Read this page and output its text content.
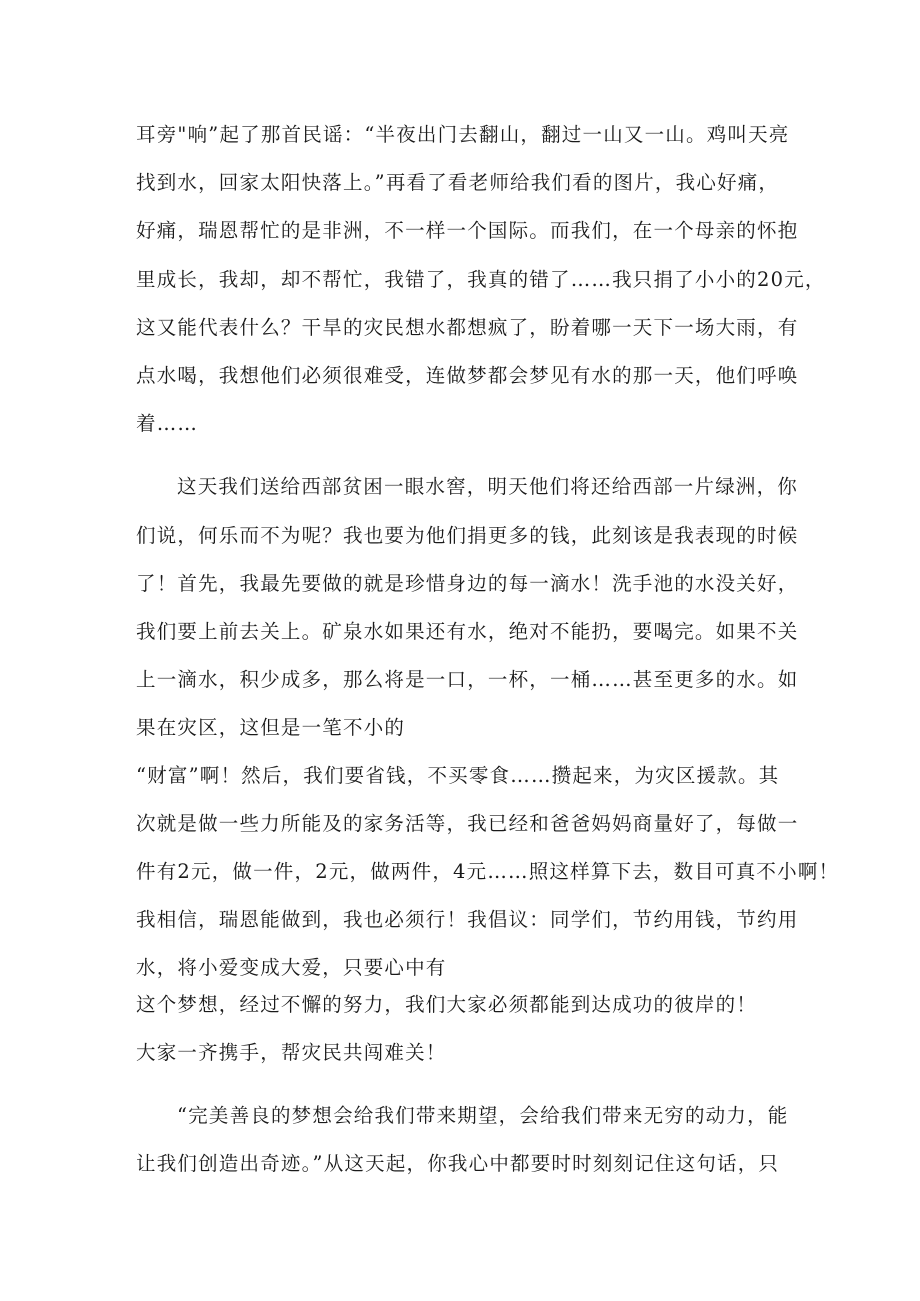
耳旁"响”起了那首民谣：“半夜出门去翻山，翻过一山又一山。鸡叫天亮
找到水，回家太阳快落上。”再看了看老师给我们看的图片，我心好痛，
好痛，瑞恩帮忙的是非洲，不一样一个国际。而我们，在一个母亲的怀抱
里成长，我却，却不帮忙，我错了，我真的错了……我只捐了小小的20元，
这又能代表什么？干旱的灾民想水都想疯了，盼着哪一天下一场大雨，有
点水喝，我想他们必须很难受，连做梦都会梦见有水的那一天，他们呼唤
着……
这天我们送给西部贫困一眼水窖，明天他们将还给西部一片绿洲，你
们说，何乐而不为呢？我也要为他们捐更多的钱，此刻该是我表现的时候
了！首先，我最先要做的就是珍惜身边的每一滴水！洗手池的水没关好，
我们要上前去关上。矿泉水如果还有水，绝对不能扔，要喝完。如果不关
上一滴水，积少成多，那么将是一口，一杯，一桶……甚至更多的水。如
果在灾区，这但是一笔不小的
“财富”啊！然后，我们要省钱，不买零食……攒起来，为灾区援款。其
次就是做一些力所能及的家务活等，我已经和爸爸妈妈商量好了，每做一
件有2元，做一件，2元，做两件，4元……照这样算下去，数目可真不小啊！
我相信，瑞恩能做到，我也必须行！我倡议：同学们，节约用钱，节约用
水，将小爱变成大爱，只要心中有
这个梦想，经过不懈的努力，我们大家必须都能到达成功的彼岸的！
大家一齐携手，帮灾民共闯难关！
“完美善良的梦想会给我们带来期望，会给我们带来无穷的动力，能
让我们创造出奇迹。”从这天起，你我心中都要时时刻刻记住这句话，只
